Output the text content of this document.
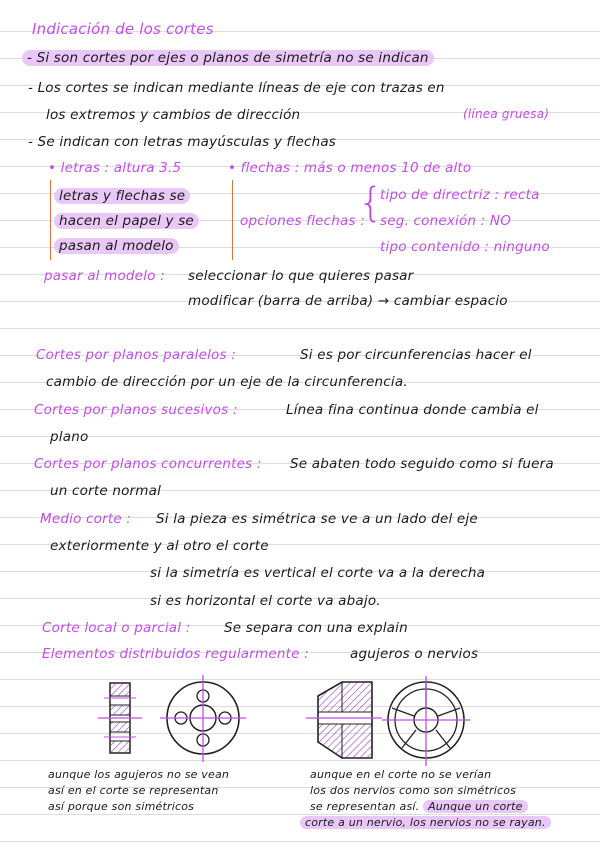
Indicación de los cortes
- Si son cortes por ejes o planos de simetría no se indican
- Los cortes se indican mediante líneas de eje con trazas en
los extremos y cambios de dirección	(línea gruesa)
- Se indican con letras mayúsculas y flechas
• letras : altura 3.5	• flechas : más o menos 10 de alto
letras y flechas se
hacen el papel y se
pasan al modelo
opciones flechas :
{
tipo de directriz : recta
seg. conexión : NO
tipo contenido : ninguno
pasar al modelo : seleccionar lo que quieres pasar
modificar (barra de arriba) → cambiar espacio
Cortes por planos paralelos :	Si es por circunferencias hacer el
cambio de dirección por un eje de la circunferencia.
Cortes por planos sucesivos :	Línea fina continua donde cambia el
plano
Cortes por planos concurrentes : Se abaten todo seguido como si fuera
un corte normal
Medio corte : Si la pieza es simétrica se ve a un lado del eje
exteriormente y al otro el corte
si la simetría es vertical el corte va a la derecha
si es horizontal el corte va abajo.
Corte local o parcial : Se separa con una explain
Elementos distribuidos regularmente :	agujeros o nervios
aunque los agujeros no se vean
así en el corte se representan
así porque son simétricos
aunque en el corte no se verían
los dos nervios como son simétricos
se representan así. Aunque un corte
corte a un nervio, los nervios no se rayan.
